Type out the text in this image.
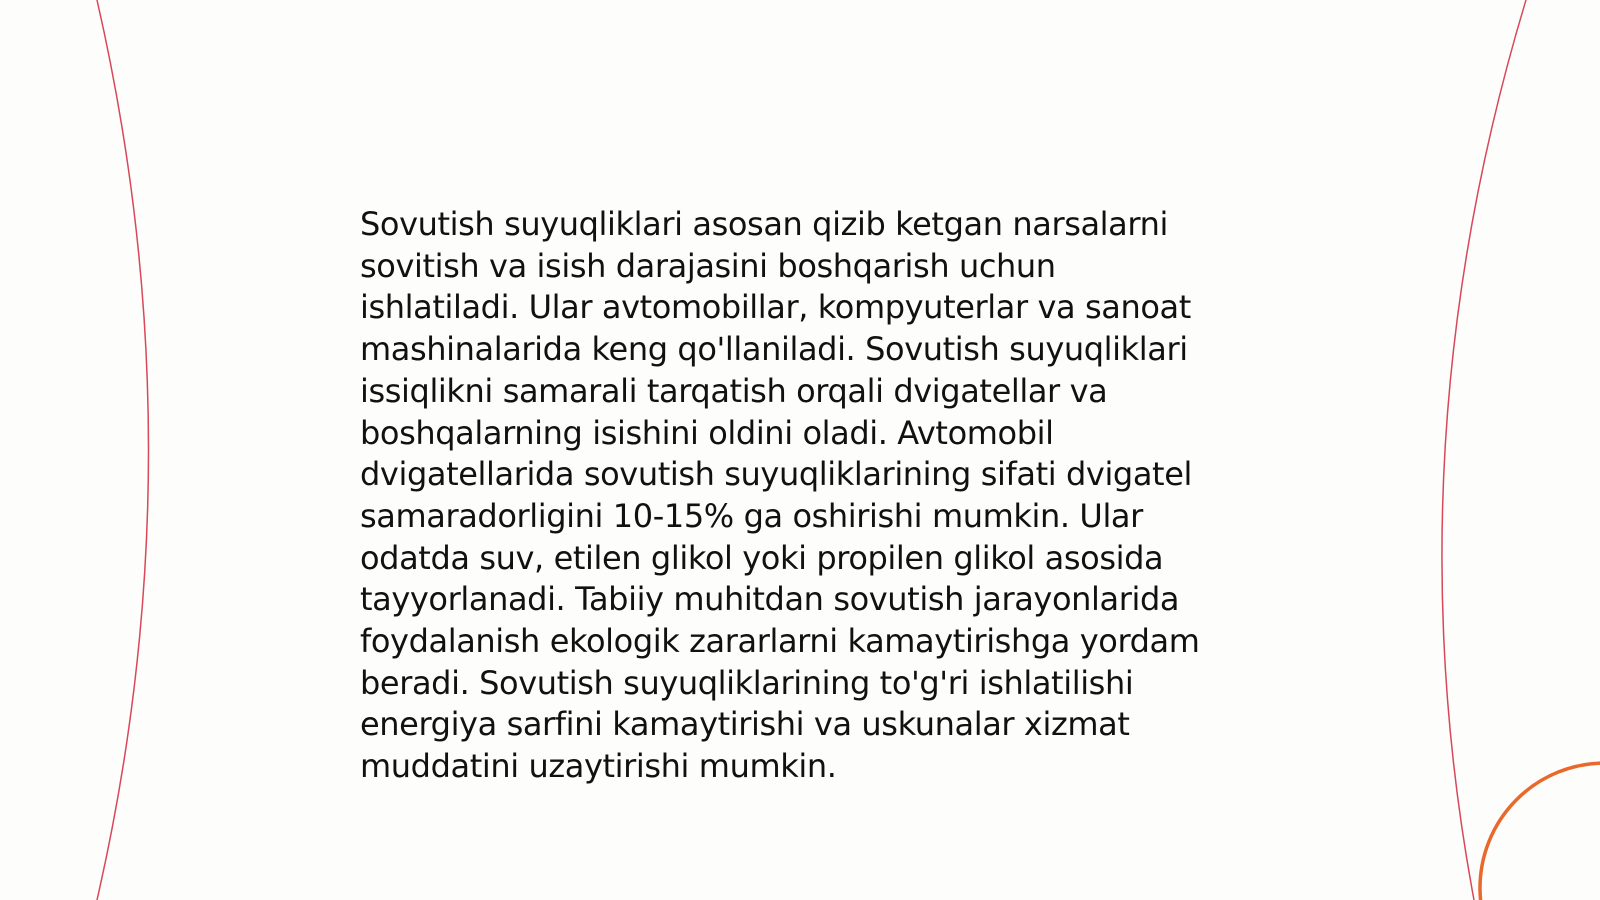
Sovutish suyuqliklari asosan qizib ketgan narsalarni
sovitish va isish darajasini boshqarish uchun
ishlatiladi. Ular avtomobillar, kompyuterlar va sanoat
mashinalarida keng qo'llaniladi. Sovutish suyuqliklari
issiqlikni samarali tarqatish orqali dvigatellar va
boshqalarning isishini oldini oladi. Avtomobil
dvigatellarida sovutish suyuqliklarining sifati dvigatel
samaradorligini 10-15% ga oshirishi mumkin. Ular
odatda suv, etilen glikol yoki propilen glikol asosida
tayyorlanadi. Tabiiy muhitdan sovutish jarayonlarida
foydalanish ekologik zararlarni kamaytirishga yordam
beradi. Sovutish suyuqliklarining to'g'ri ishlatilishi
energiya sarfini kamaytirishi va uskunalar xizmat
muddatini uzaytirishi mumkin.
